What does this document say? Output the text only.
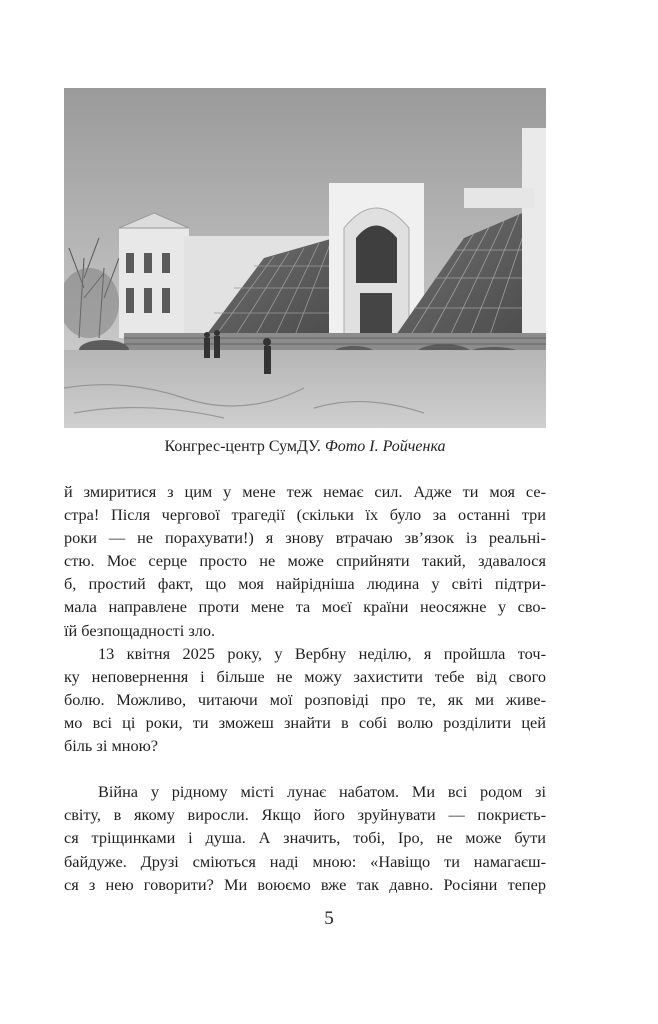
Конгрес-центр СумДУ. Фото І. Ройченка
й змиритися з цим у мене теж немає сил. Адже ти моя се-
стра! Після чергової трагедії (скільки їх було за останні три
роки — не порахувати!) я знову втрачаю зв’язок із реальні-
стю. Моє серце просто не може сприйняти такий, здавалося
б, простий факт, що моя найрідніша людина у світі підтри-
мала направлене проти мене та моєї країни неосяжне у сво-
їй безпощадності зло.
13 квітня 2025 року, у Вербну неділю, я пройшла точ-
ку неповернення і більше не можу захистити тебе від свого
болю. Можливо, читаючи мої розповіді про те, як ми живе-
мо всі ці роки, ти зможеш знайти в собі волю розділити цей
біль зі мною?
Війна у рідному місті лунає набатом. Ми всі родом зі
світу, в якому виросли. Якщо його зруйнувати — покриєть-
ся тріщинками і душа. А значить, тобі, Іро, не може бути
байдуже. Друзі сміються наді мною: «Навіщо ти намагаєш-
ся з нею говорити? Ми воюємо вже так давно. Росіяни тепер
5
